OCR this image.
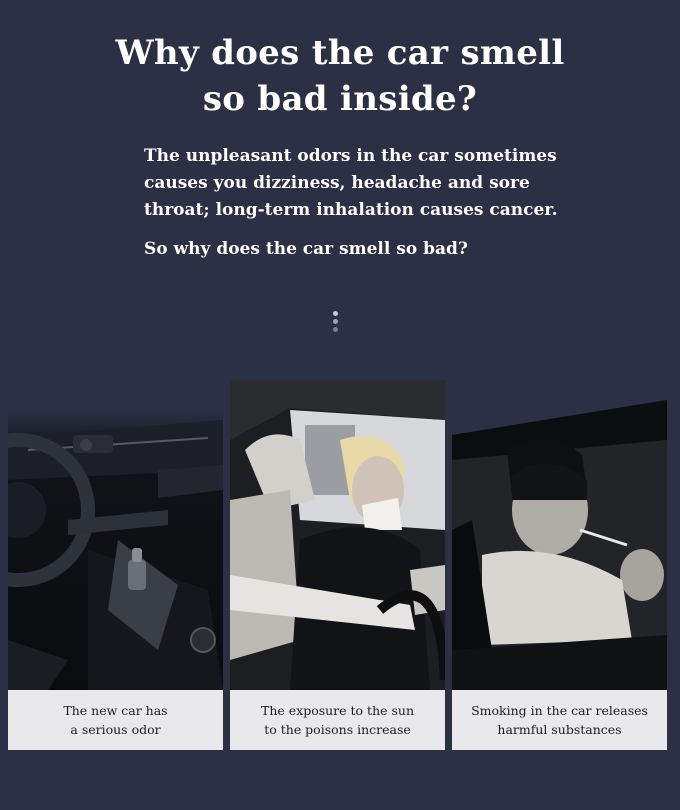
Why does the car smell
so bad inside?
The unpleasant odors in the car sometimes
causes you dizziness, headache and sore
throat; long-term inhalation causes cancer.
So why does the car smell so bad?
The new car has
a serious odor
The exposure to the sun
to the poisons increase
Smoking in the car releases
harmful substances
